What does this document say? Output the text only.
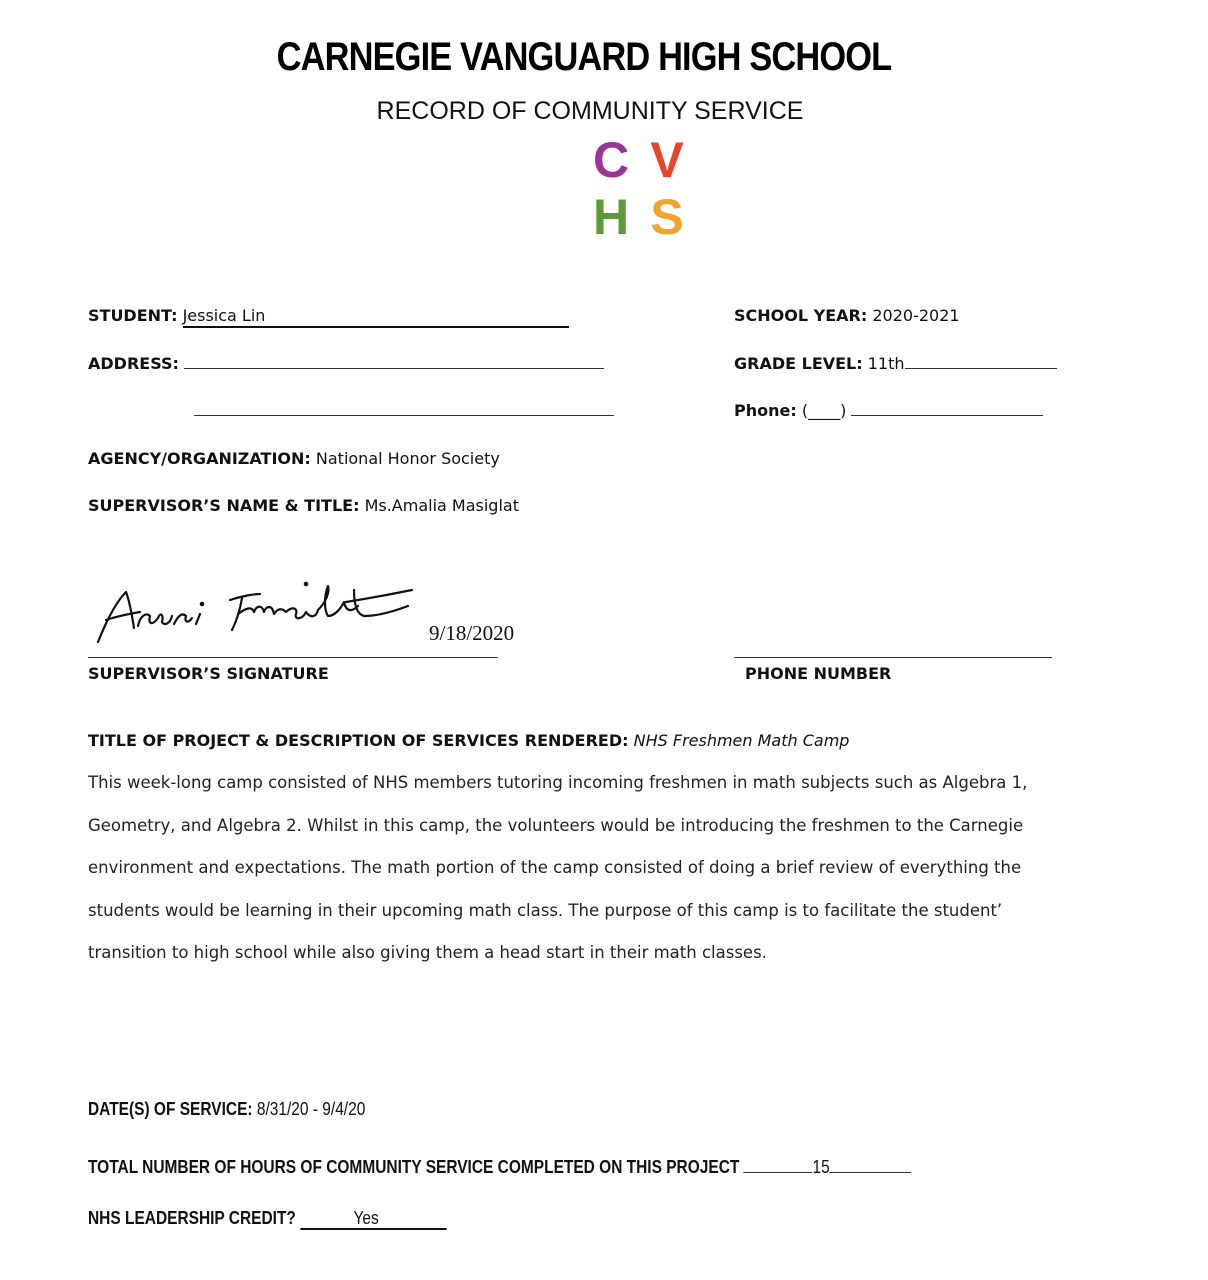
CARNEGIE VANGUARD HIGH SCHOOL
RECORD OF COMMUNITY SERVICE
C V
H S
STUDENT: Jessica Lin
ADDRESS:
AGENCY/ORGANIZATION: National Honor Society
SUPERVISOR’S NAME & TITLE: Ms.Amalia Masiglat
SCHOOL YEAR: 2020-2021
GRADE LEVEL: 11th
Phone: (____)
9/18/2020
SUPERVISOR’S SIGNATURE	PHONE NUMBER
TITLE OF PROJECT & DESCRIPTION OF SERVICES RENDERED: NHS Freshmen Math Camp
This week-long camp consisted of NHS members tutoring incoming freshmen in math subjects such as Algebra 1,
Geometry, and Algebra 2. Whilst in this camp, the volunteers would be introducing the freshmen to the Carnegie
environment and expectations. The math portion of the camp consisted of doing a brief review of everything the
students would be learning in their upcoming math class. The purpose of this camp is to facilitate the student’
transition to high school while also giving them a head start in their math classes.
DATE(S) OF SERVICE: 8/31/20 - 9/4/20
TOTAL NUMBER OF HOURS OF COMMUNITY SERVICE COMPLETED ON THIS PROJECT	15
NHS LEADERSHIP CREDIT?	Yes
